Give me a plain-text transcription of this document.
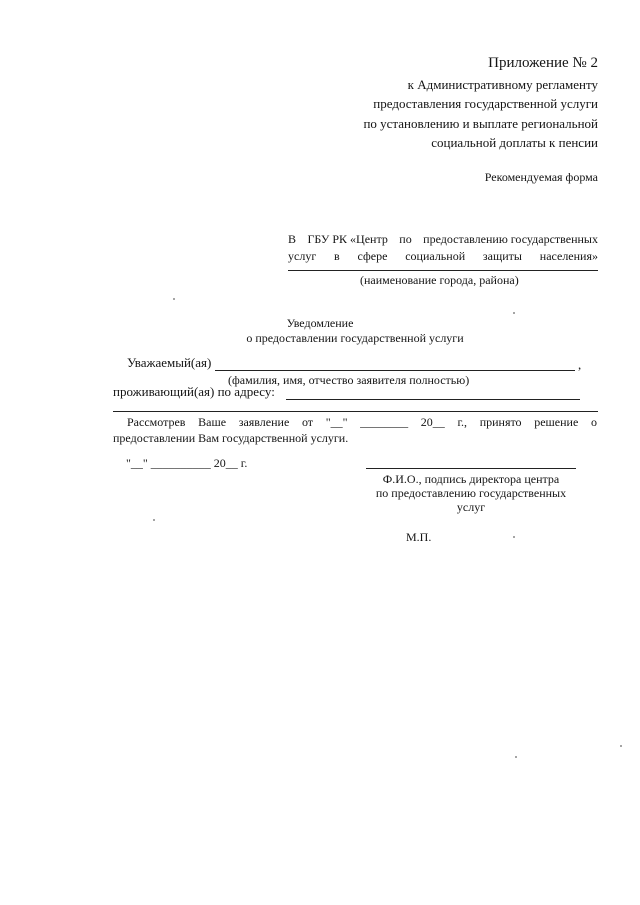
Приложение № 2
к Административному регламенту
предоставления государственной услуги
по установлению и выплате региональной
социальной доплаты к пенсии
Рекомендуемая форма
В ГБУ РК «Центр по предоставлению государственных
услуг в сфере социальной защиты населения»
(наименование города, района)
Уведомление
о предоставлении государственной услуги
Уважаемый(ая)	,
(фамилия, имя, отчество заявителя полностью)
проживающий(ая) по адресу:
Рассмотрев Ваше заявление от "__" ________ 20__ г., принято решение о
предоставлении Вам государственной услуги.
"__" __________ 20__ г.
Ф.И.О., подпись директора центра
по предоставлению государственных
услуг
М.П.
